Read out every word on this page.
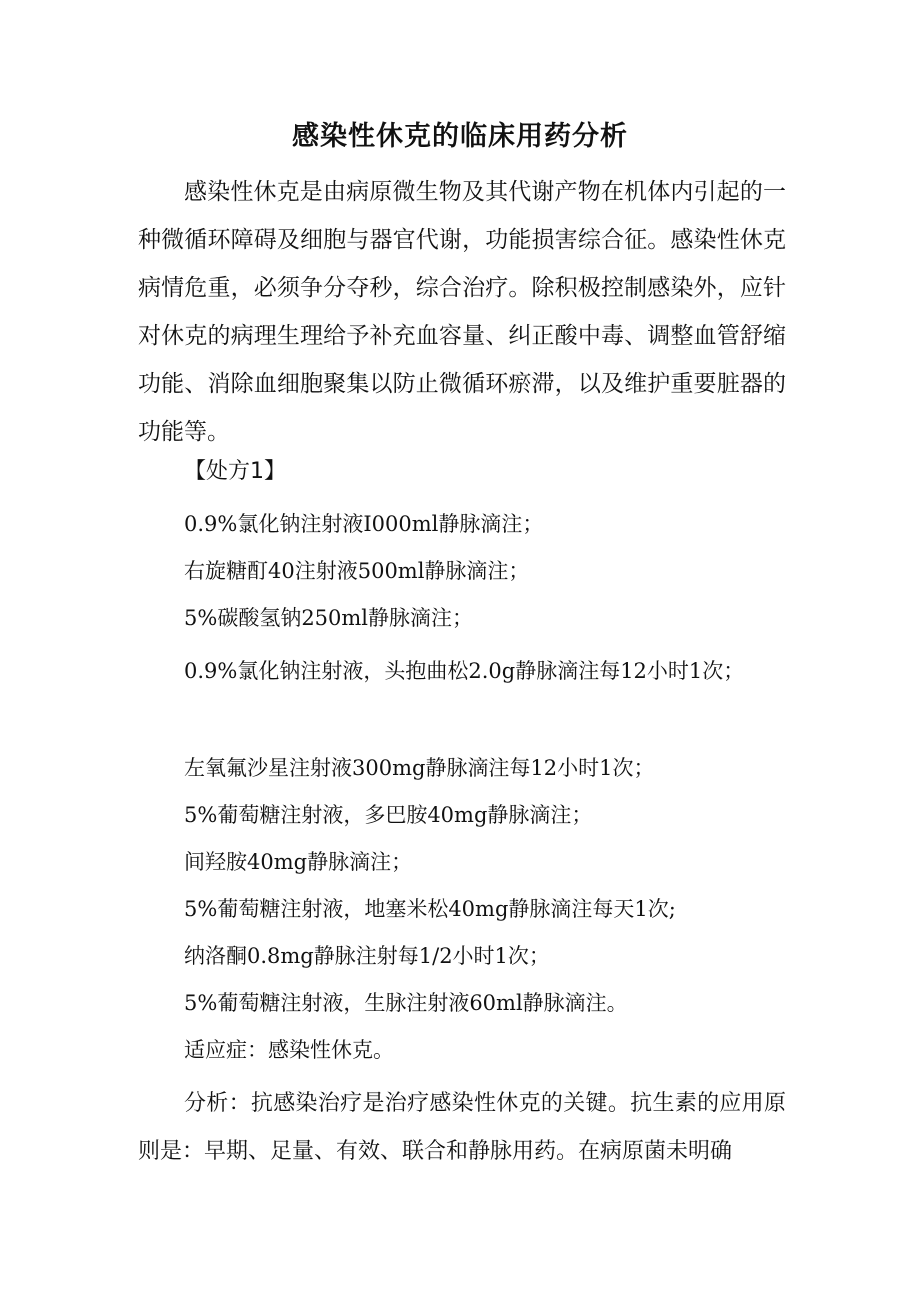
感染性休克的临床用药分析

感染性休克是由病原微生物及其代谢产物在机体内引起的一种微循环障碍及细胞与器官代谢，功能损害综合征。感染性休克病情危重，必须争分夺秒，综合治疗。除积极控制感染外，应针对休克的病理生理给予补充血容量、纠正酸中毒、调整血管舒缩功能、消除血细胞聚集以防止微循环瘀滞，以及维护重要脏器的功能等。

【处方1】

0.9%氯化钠注射液I000ml静脉滴注；

右旋糖酊40注射液500ml静脉滴注；

5%碳酸氢钠250ml静脉滴注；

0.9%氯化钠注射液，头抱曲松2.0g静脉滴注每12小时1次；

左氧氟沙星注射液300mg静脉滴注每12小时1次；

5%葡萄糖注射液，多巴胺40mg静脉滴注；

间羟胺40mg静脉滴注；

5%葡萄糖注射液，地塞米松40mg静脉滴注每天1次;

纳洛酮0.8mg静脉注射每1/2小时1次；

5%葡萄糖注射液，生脉注射液60ml静脉滴注。

适应症：感染性休克。

分析：抗感染治疗是治疗感染性休克的关键。抗生素的应用原则是：早期、足量、有效、联合和静脉用药。在病原菌未明确
